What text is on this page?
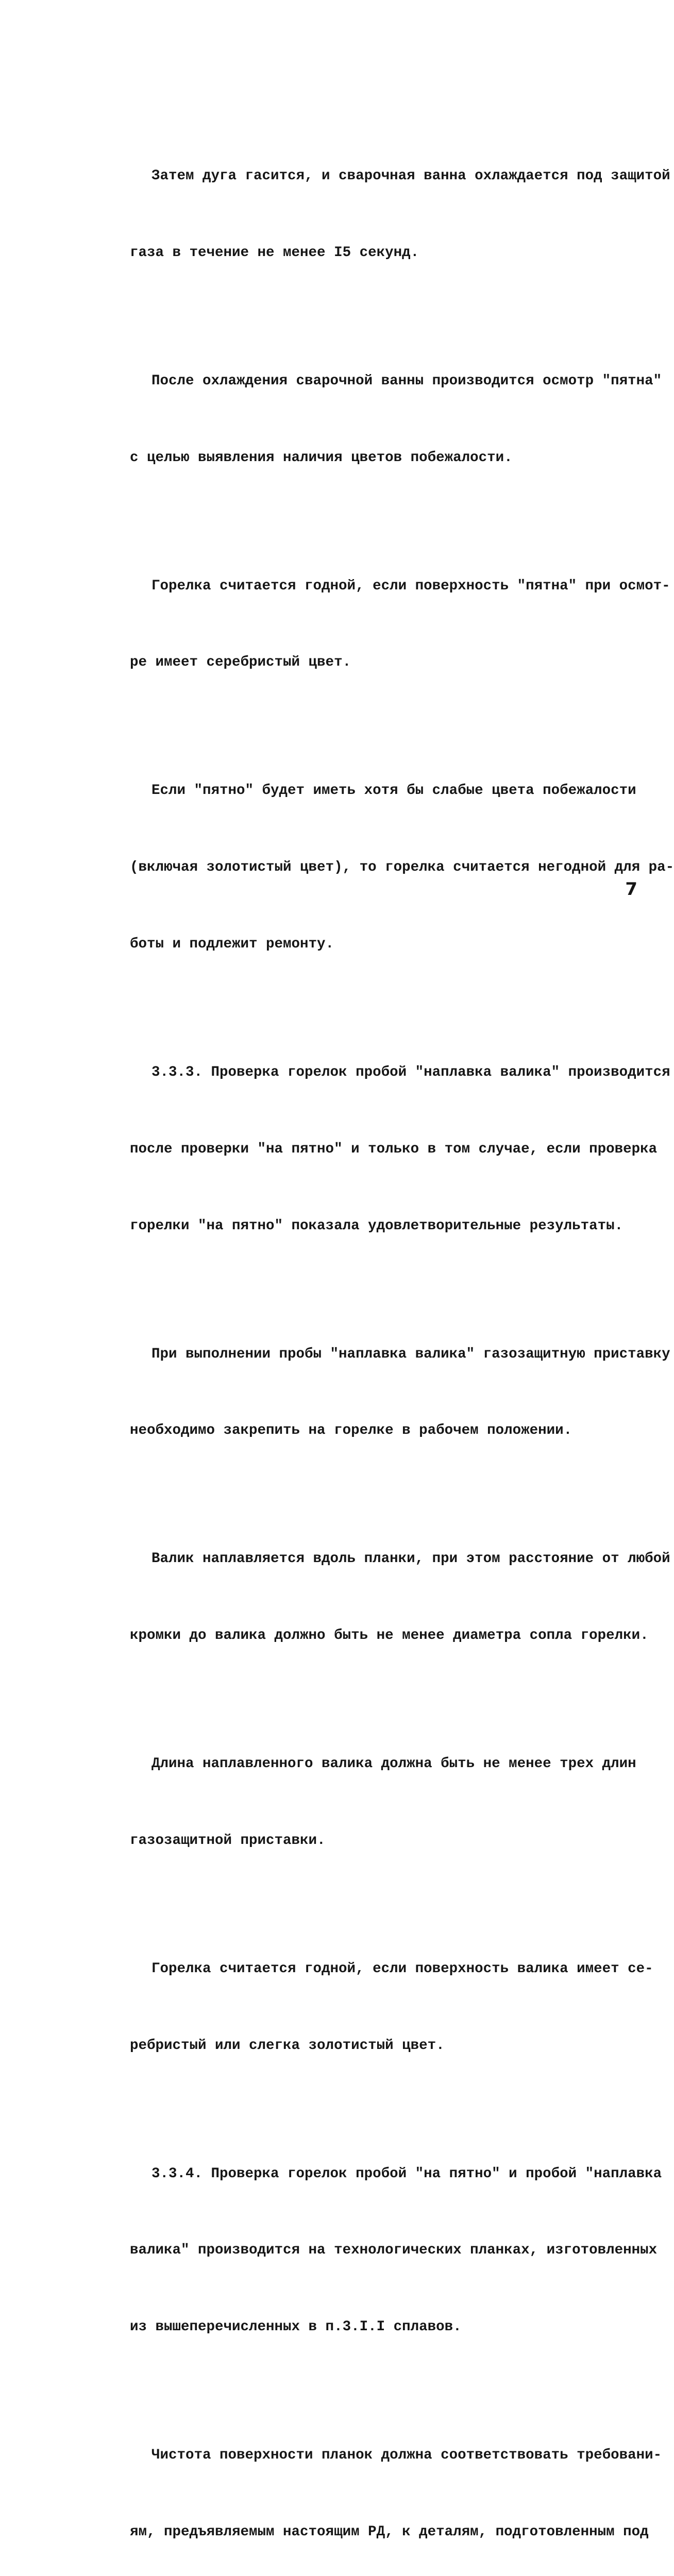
Затем дуга гасится, и сварочная ванна охлаждается под защитой

газа в течение не менее I5 секунд.

После охлаждения сварочной ванны производится осмотр "пятна"

с целью выявления наличия цветов побежалости.

Горелка считается годной, если поверхность "пятна" при осмот-

ре имеет серебристый цвет.

Если "пятно" будет иметь хотя бы слабые цвета побежалости

(включая золотистый цвет), то горелка считается негодной для ра-

боты и подлежит ремонту.

3.3.3. Проверка горелок пробой "наплавка валика" производится

после проверки "на пятно" и только в том случае, если проверка

горелки "на пятно" показала удовлетворительные результаты.

При выполнении пробы "наплавка валика" газозащитную приставку

необходимо закрепить на горелке в рабочем положении.

Валик наплавляется вдоль планки, при этом расстояние от любой

кромки до валика должно быть не менее диаметра сопла горелки.

Длина наплавленного валика должна быть не менее трех длин

газозащитной приставки.

Горелка считается годной, если поверхность валика имеет се-

ребристый или слегка золотистый цвет.

3.3.4. Проверка горелок пробой "на пятно" и пробой "наплавка

валика" производится на технологических планках, изготовленных

из вышеперечисленных в п.3.I.I сплавов.

Чистота поверхности планок должна соответствовать требовани-

ям, предъявляемым настоящим РД, к деталям, подготовленным под

7
